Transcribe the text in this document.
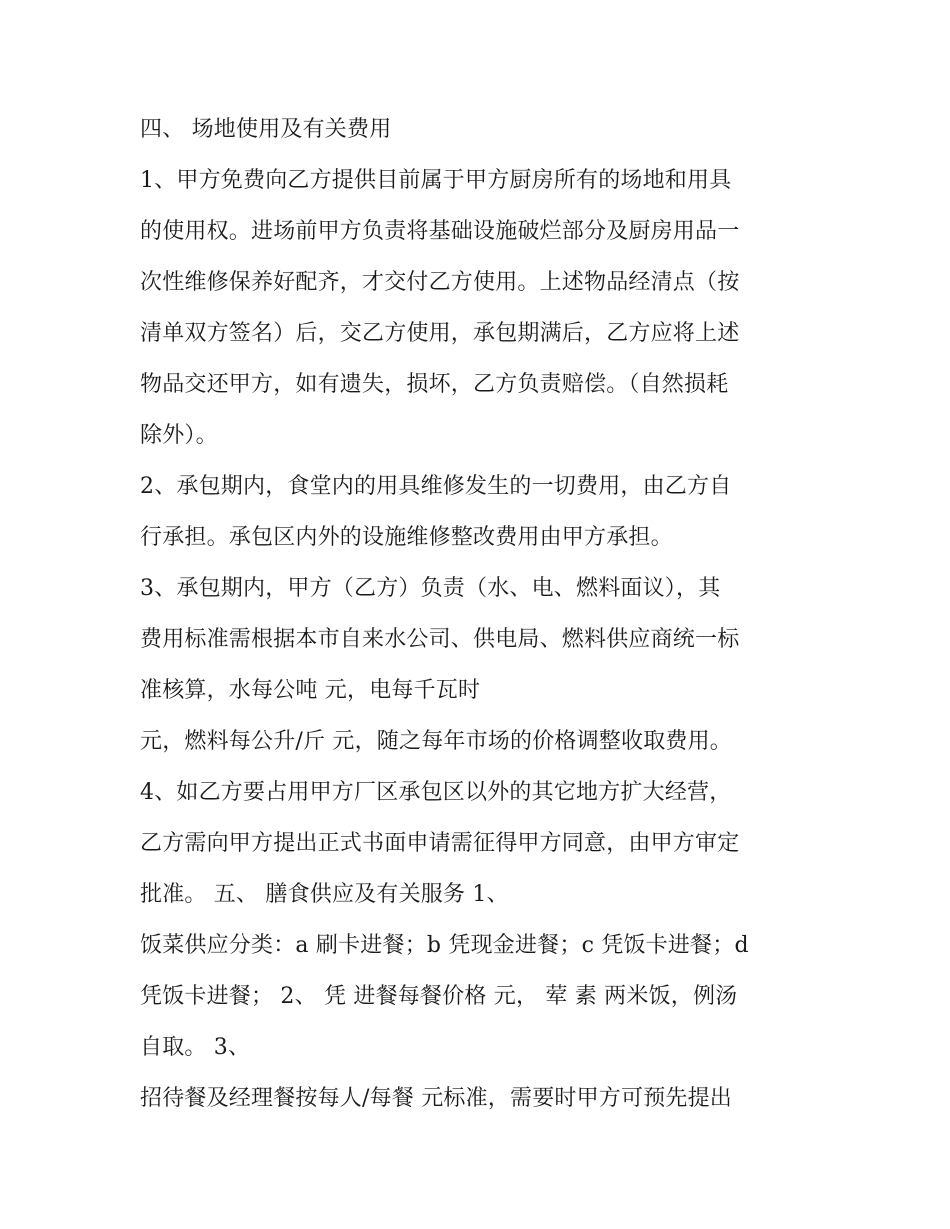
四、 场地使用及有关费用
1、甲方免费向乙方提供目前属于甲方厨房所有的场地和用具
的使用权。进场前甲方负责将基础设施破烂部分及厨房用品一
次性维修保养好配齐，才交付乙方使用。上述物品经清点（按
清单双方签名）后，交乙方使用，承包期满后，乙方应将上述
物品交还甲方，如有遗失，损坏，乙方负责赔偿。（自然损耗
除外）。
2、承包期内，食堂内的用具维修发生的一切费用，由乙方自
行承担。承包区内外的设施维修整改费用由甲方承担。
3、承包期内，甲方（乙方）负责（水、电、燃料面议），其
费用标准需根据本市自来水公司、供电局、燃料供应商统一标
准核算，水每公吨 元，电每千瓦时
元，燃料每公升/斤 元，随之每年市场的价格调整收取费用。
4、如乙方要占用甲方厂区承包区以外的其它地方扩大经营，
乙方需向甲方提出正式书面申请需征得甲方同意，由甲方审定
批准。 五、 膳食供应及有关服务 1、
饭菜供应分类：a 刷卡进餐；b 凭现金进餐；c 凭饭卡进餐；d
凭饭卡进餐； 2、 凭 进餐每餐价格 元， 荤 素 两米饭，例汤
自取。 3、
招待餐及经理餐按每人/每餐 元标准，需要时甲方可预先提出
